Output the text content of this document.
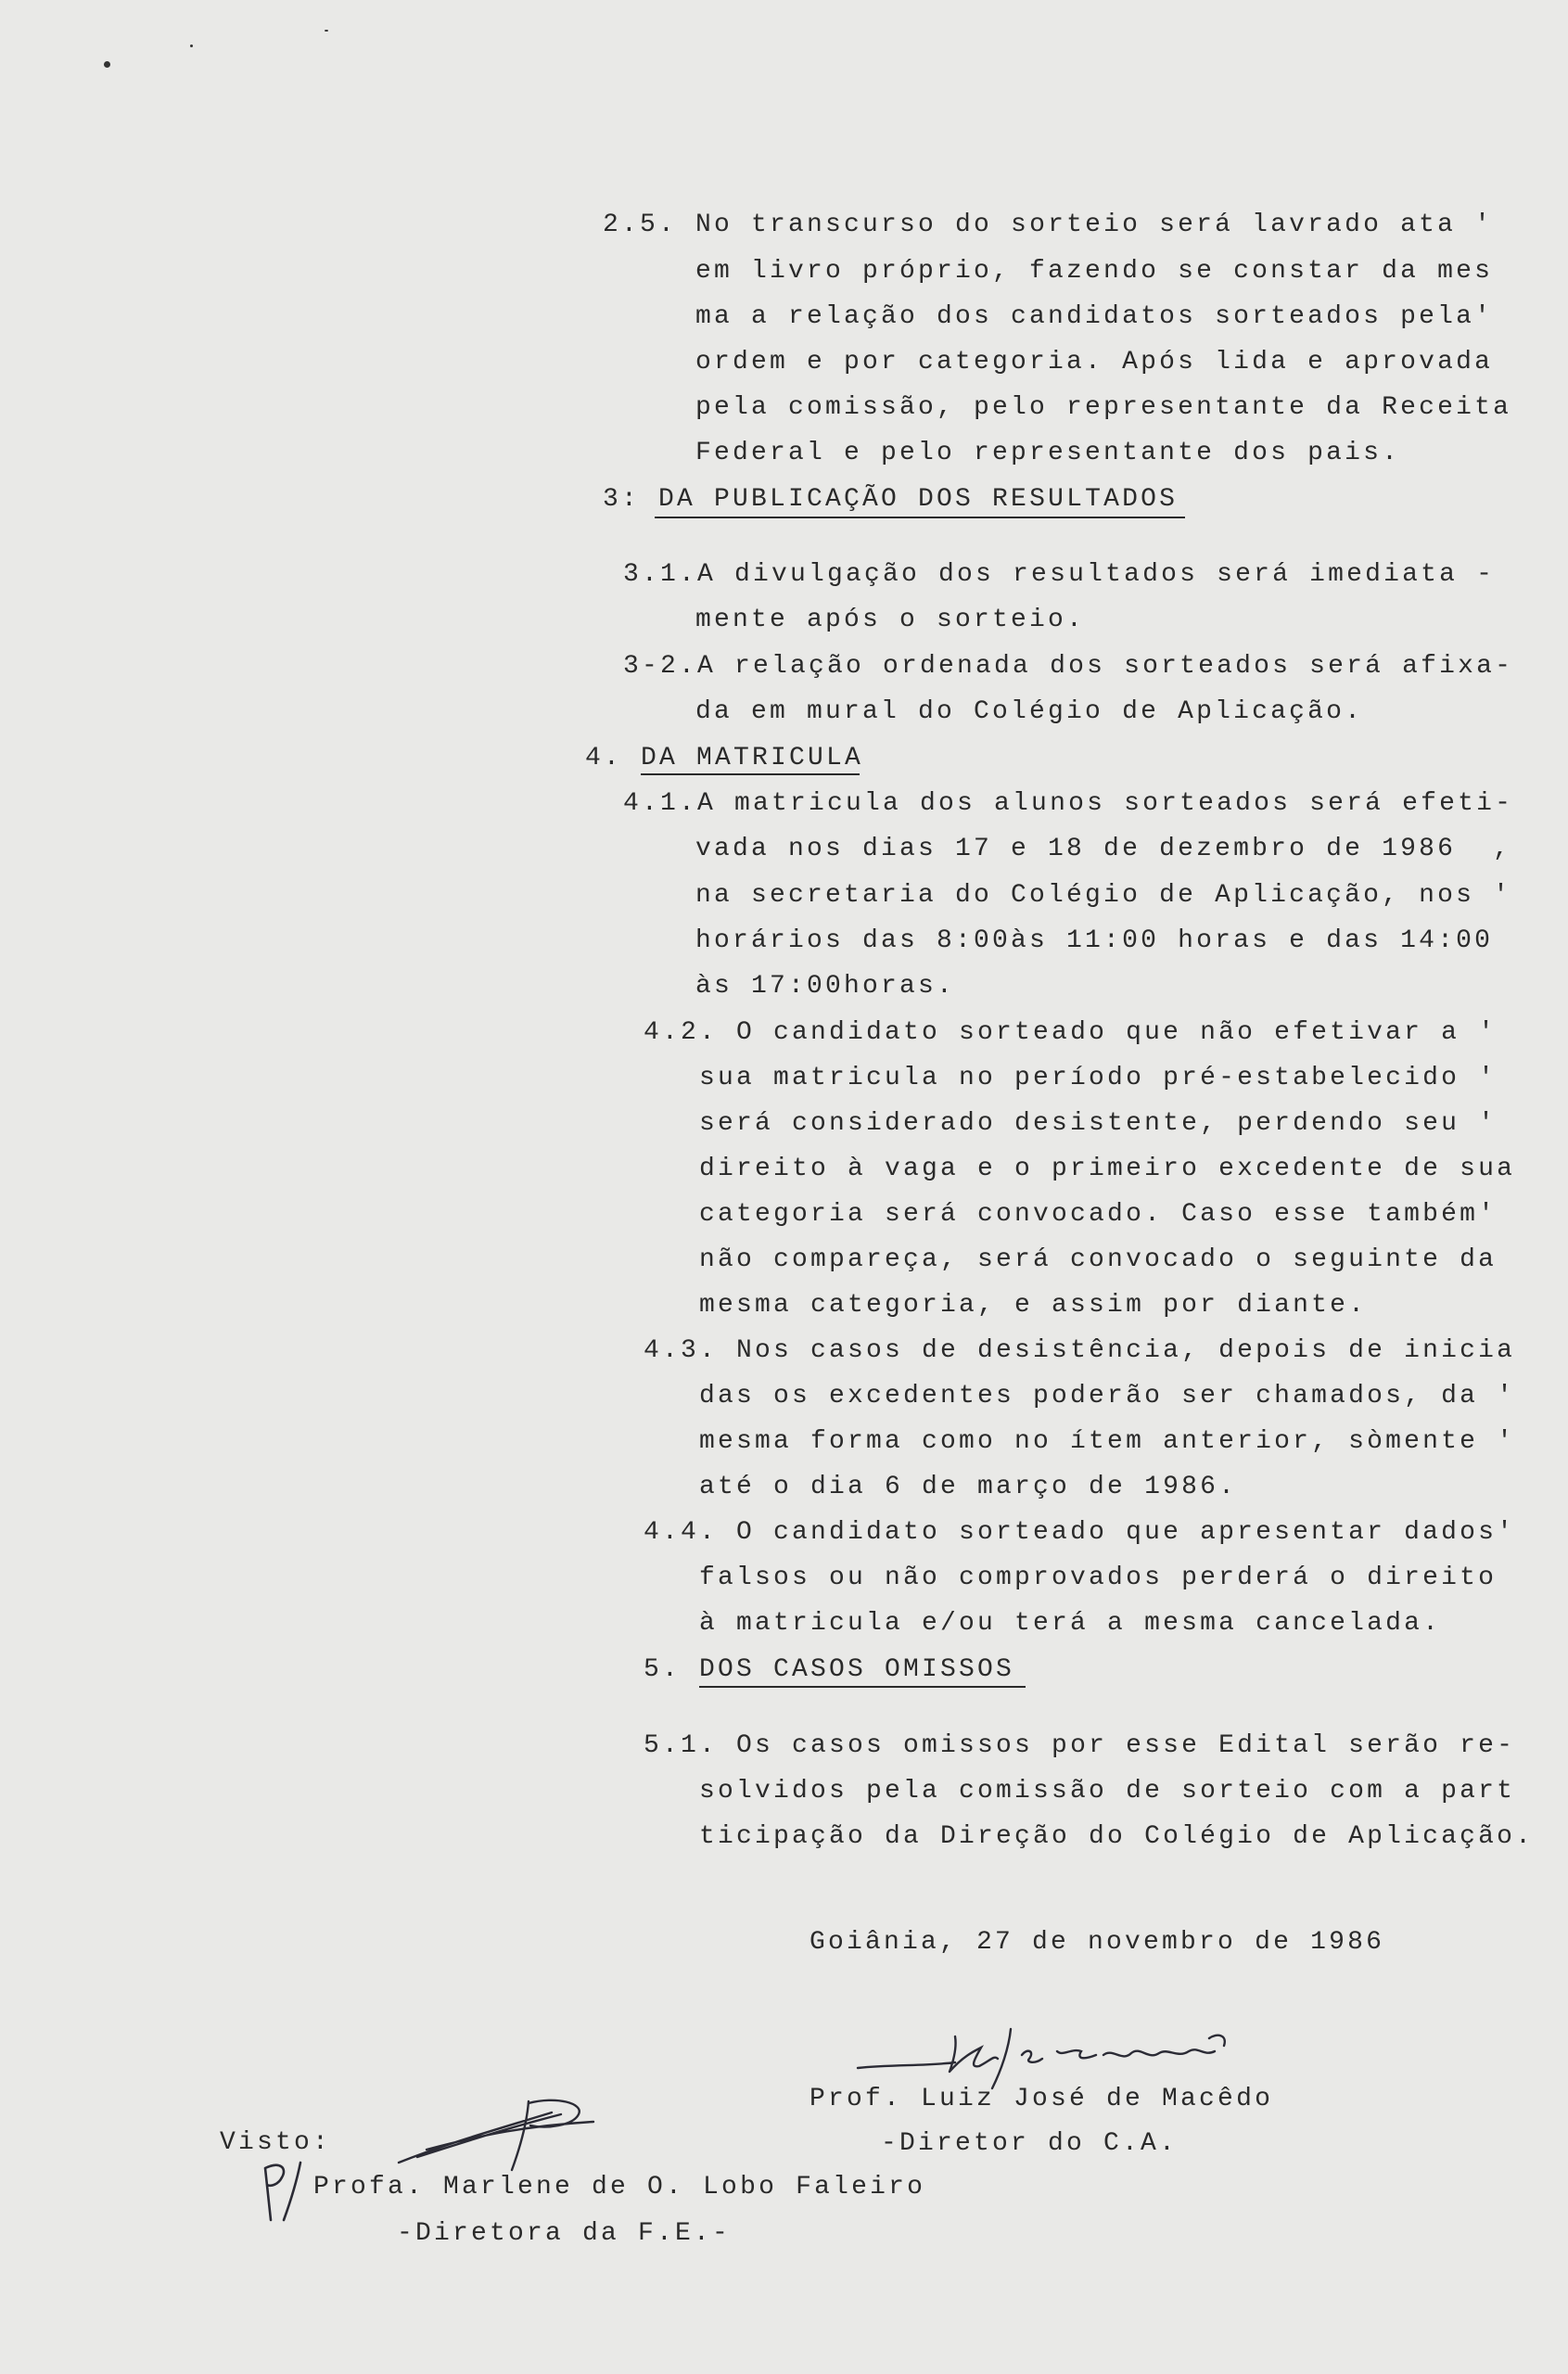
2.5. No transcurso do sorteio será lavrado ata '
em livro próprio, fazendo se constar da mes
ma a relação dos candidatos sorteados pela'
ordem e por categoria. Após lida e aprovada
pela comissão, pelo representante da Receita
Federal e pelo representante dos pais.
3: DA PUBLICAÇÃO DOS RESULTADOS
3.1.A divulgação dos resultados será imediata -
mente após o sorteio.
3-2.A relação ordenada dos sorteados será afixa-
da em mural do Colégio de Aplicação.
4. DA MATRICULA
4.1.A matricula dos alunos sorteados será efeti-
vada nos dias 17 e 18 de dezembro de 1986  ,
na secretaria do Colégio de Aplicação, nos '
horários das 8:00às 11:00 horas e das 14:00
às 17:00horas.
4.2. O candidato sorteado que não efetivar a '
sua matricula no período pré-estabelecido '
será considerado desistente, perdendo seu '
direito à vaga e o primeiro excedente de sua
categoria será convocado. Caso esse também'
não compareça, será convocado o seguinte da
mesma categoria, e assim por diante.
4.3. Nos casos de desistência, depois de inicia
das os excedentes poderão ser chamados, da '
mesma forma como no ítem anterior, sòmente '
até o dia 6 de março de 1986.
4.4. O candidato sorteado que apresentar dados'
falsos ou não comprovados perderá o direito
à matricula e/ou terá a mesma cancelada.
5. DOS CASOS OMISSOS
5.1. Os casos omissos por esse Edital serão re-
solvidos pela comissão de sorteio com a part
ticipação da Direção do Colégio de Aplicação.
Goiânia, 27 de novembro de 1986
Prof. Luiz José de Macêdo
-Diretor do C.A.
Visto:
Profa. Marlene de O. Lobo Faleiro
-Diretora da F.E.-
